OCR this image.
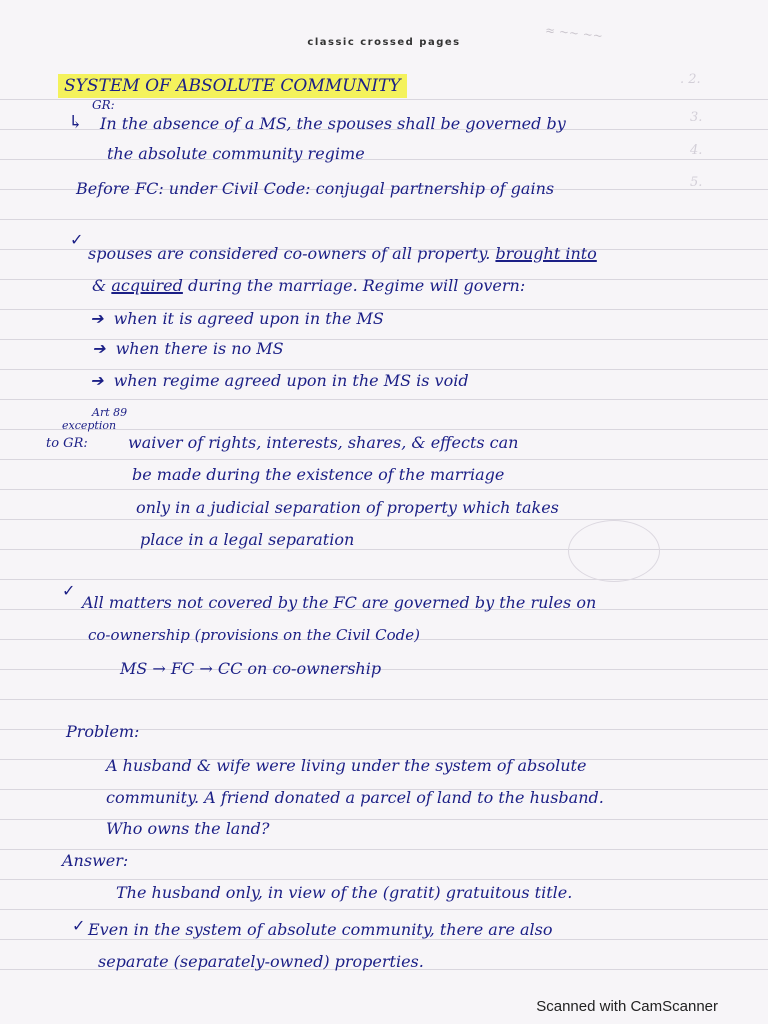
classic crossed pages	≈ ~~ ~~
. 2.
3.
4.
5.
SYSTEM OF ABSOLUTE COMMUNITY
GR:
↳ In the absence of a MS, the spouses shall be governed by
the absolute community regime
Before FC: under Civil Code: conjugal partnership of gains
✓
spouses are considered co-owners of all property. brought into
& acquired during the marriage. Regime will govern:
➔ when it is agreed upon in the MS
➔ when there is no MS
➔ when regime agreed upon in the MS is void
Art 89
exception
to GR:	waiver of rights, interests, shares, & effects can
be made during the existence of the marriage
only in a judicial separation of property which takes
place in a legal separation
✓
All matters not covered by the FC are governed by the rules on
co-ownership (provisions on the Civil Code)
MS → FC → CC on co-ownership
Problem:
A husband & wife were living under the system of absolute
community. A friend donated a parcel of land to the husband.
Who owns the land?
Answer:
The husband only, in view of the (gratit) gratuitous title.
✓ Even in the system of absolute community, there are also
separate (separately-owned) properties.
Scanned with CamScanner
